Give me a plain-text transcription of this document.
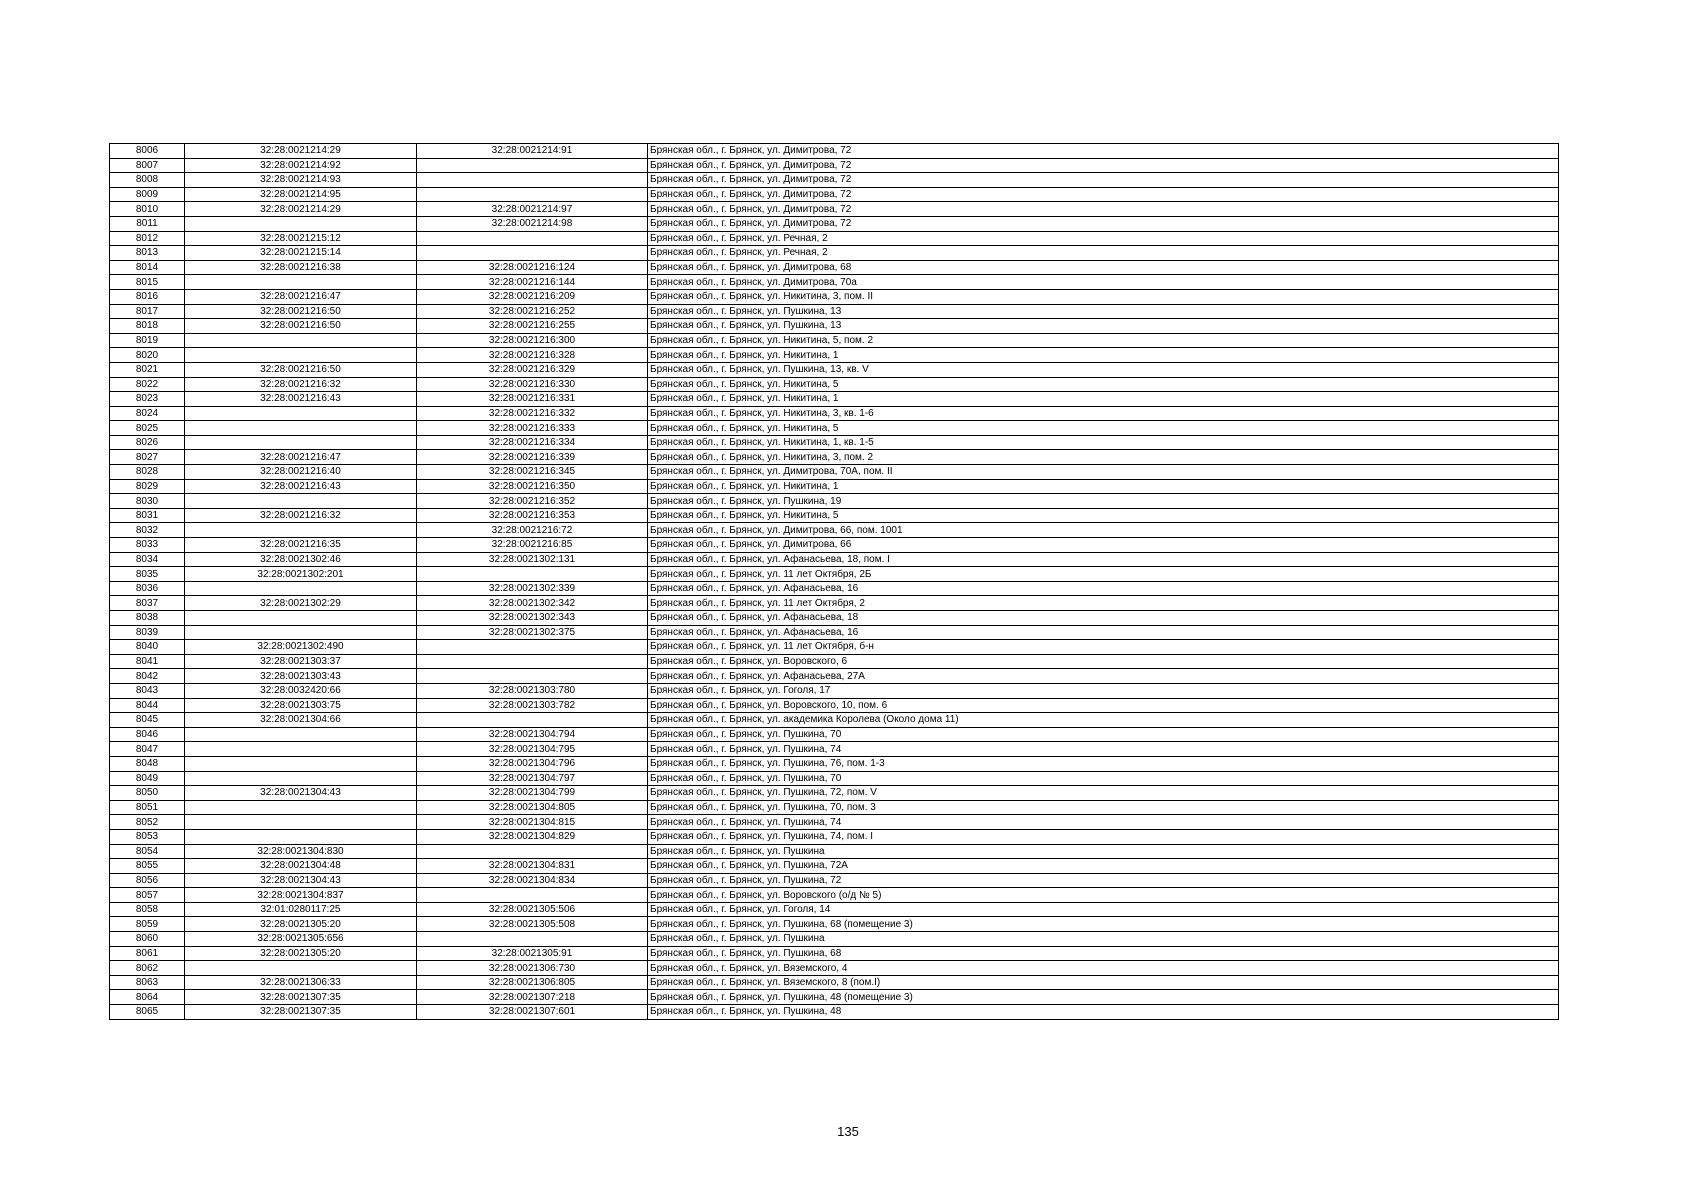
8006	32:28:0021214:29	32:28:0021214:91	Брянская обл., г. Брянск, ул. Димитрова, 72
8007	32:28:0021214:92		Брянская обл., г. Брянск, ул. Димитрова, 72
8008	32:28:0021214:93		Брянская обл., г. Брянск, ул. Димитрова, 72
8009	32:28:0021214:95		Брянская обл., г. Брянск, ул. Димитрова, 72
8010	32:28:0021214:29	32:28:0021214:97	Брянская обл., г. Брянск, ул. Димитрова, 72
8011		32:28:0021214:98	Брянская обл., г. Брянск, ул. Димитрова, 72
8012	32:28:0021215:12		Брянская обл., г. Брянск, ул. Речная, 2
8013	32:28:0021215:14		Брянская обл., г. Брянск, ул. Речная, 2
8014	32:28:0021216:38	32:28:0021216:124	Брянская обл., г. Брянск, ул. Димитрова, 68
8015		32:28:0021216:144	Брянская обл., г. Брянск, ул. Димитрова, 70а
8016	32:28:0021216:47	32:28:0021216:209	Брянская обл., г. Брянск, ул. Никитина, 3, пом. II
8017	32:28:0021216:50	32:28:0021216:252	Брянская обл., г. Брянск, ул. Пушкина, 13
8018	32:28:0021216:50	32:28:0021216:255	Брянская обл., г. Брянск, ул. Пушкина, 13
8019		32:28:0021216:300	Брянская обл., г. Брянск, ул. Никитина, 5, пом. 2
8020		32:28:0021216:328	Брянская обл., г. Брянск, ул. Никитина, 1
8021	32:28:0021216:50	32:28:0021216:329	Брянская обл., г. Брянск, ул. Пушкина, 13, кв. V
8022	32:28:0021216:32	32:28:0021216:330	Брянская обл., г. Брянск, ул. Никитина, 5
8023	32:28:0021216:43	32:28:0021216:331	Брянская обл., г. Брянск, ул. Никитина, 1
8024		32:28:0021216:332	Брянская обл., г. Брянск, ул. Никитина, 3, кв. 1-6
8025		32:28:0021216:333	Брянская обл., г. Брянск, ул. Никитина, 5
8026		32:28:0021216:334	Брянская обл., г. Брянск, ул. Никитина, 1, кв. 1-5
8027	32:28:0021216:47	32:28:0021216:339	Брянская обл., г. Брянск, ул. Никитина, 3, пом. 2
8028	32:28:0021216:40	32:28:0021216:345	Брянская обл., г. Брянск, ул. Димитрова, 70А, пом. II
8029	32:28:0021216:43	32:28:0021216:350	Брянская обл., г. Брянск, ул. Никитина, 1
8030		32:28:0021216:352	Брянская обл., г. Брянск, ул. Пушкина, 19
8031	32:28:0021216:32	32:28:0021216:353	Брянская обл., г. Брянск, ул. Никитина, 5
8032		32:28:0021216:72	Брянская обл., г. Брянск, ул. Димитрова, 66, пом. 1001
8033	32:28:0021216:35	32:28:0021216:85	Брянская обл., г. Брянск, ул. Димитрова, 66
8034	32:28:0021302:46	32:28:0021302:131	Брянская обл., г. Брянск, ул. Афанасьева, 18, пом. I
8035	32:28:0021302:201		Брянская обл., г. Брянск, ул. 11 лет Октября, 2Б
8036		32:28:0021302:339	Брянская обл., г. Брянск, ул. Афанасьева, 16
8037	32:28:0021302:29	32:28:0021302:342	Брянская обл., г. Брянск, ул. 11 лет Октября, 2
8038		32:28:0021302:343	Брянская обл., г. Брянск, ул. Афанасьева, 18
8039		32:28:0021302:375	Брянская обл., г. Брянск, ул. Афанасьева, 16
8040	32:28:0021302:490		Брянская обл., г. Брянск, ул. 11 лет Октября, б-н
8041	32:28:0021303:37		Брянская обл., г. Брянск, ул. Воровского, 6
8042	32:28:0021303:43		Брянская обл., г. Брянск, ул. Афанасьева, 27А
8043	32:28:0032420:66	32:28:0021303:780	Брянская обл., г. Брянск, ул. Гоголя, 17
8044	32:28:0021303:75	32:28:0021303:782	Брянская обл., г. Брянск, ул. Воровского, 10, пом. 6
8045	32:28:0021304:66		Брянская обл., г. Брянск, ул. академика Королева (Около дома 11)
8046		32:28:0021304:794	Брянская обл., г. Брянск, ул. Пушкина, 70
8047		32:28:0021304:795	Брянская обл., г. Брянск, ул. Пушкина, 74
8048		32:28:0021304:796	Брянская обл., г. Брянск, ул. Пушкина, 76, пом. 1-3
8049		32:28:0021304:797	Брянская обл., г. Брянск, ул. Пушкина, 70
8050	32:28:0021304:43	32:28:0021304:799	Брянская обл., г. Брянск, ул. Пушкина, 72, пом. V
8051		32:28:0021304:805	Брянская обл., г. Брянск, ул. Пушкина, 70, пом. 3
8052		32:28:0021304:815	Брянская обл., г. Брянск, ул. Пушкина, 74
8053		32:28:0021304:829	Брянская обл., г. Брянск, ул. Пушкина, 74, пом. I
8054	32:28:0021304:830		Брянская обл., г. Брянск, ул. Пушкина
8055	32:28:0021304:48	32:28:0021304:831	Брянская обл., г. Брянск, ул. Пушкина, 72А
8056	32:28:0021304:43	32:28:0021304:834	Брянская обл., г. Брянск, ул. Пушкина, 72
8057	32:28:0021304:837		Брянская обл., г. Брянск, ул. Воровского (о/д № 5)
8058	32:01:0280117:25	32:28:0021305:506	Брянская обл., г. Брянск, ул. Гоголя, 14
8059	32:28:0021305:20	32:28:0021305:508	Брянская обл., г. Брянск, ул. Пушкина, 68 (помещение 3)
8060	32:28:0021305:656		Брянская обл., г. Брянск, ул. Пушкина
8061	32:28:0021305:20	32:28:0021305:91	Брянская обл., г. Брянск, ул. Пушкина, 68
8062		32:28:0021306:730	Брянская обл., г. Брянск, ул. Вяземского, 4
8063	32:28:0021306:33	32:28:0021306:805	Брянская обл., г. Брянск, ул. Вяземского, 8 (пом.I)
8064	32:28:0021307:35	32:28:0021307:218	Брянская обл., г. Брянск, ул. Пушкина, 48 (помещение 3)
8065	32:28:0021307:35	32:28:0021307:601	Брянская обл., г. Брянск, ул. Пушкина, 48
135
